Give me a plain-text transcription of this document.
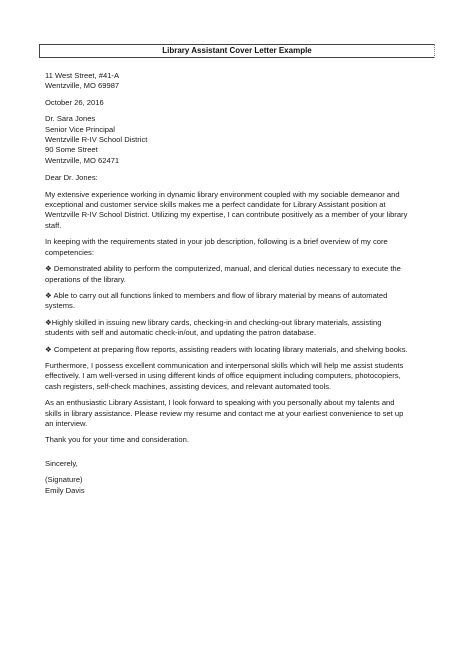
Library Assistant Cover Letter Example
11 West Street, #41-A
Wentzville, MO 69987
October 26, 2016
Dr. Sara Jones
Senior Vice Principal
Wentzville R-IV School District
90 Some Street
Wentzville, MO 62471
Dear Dr. Jones:
My extensive experience working in dynamic library environment coupled with my sociable demeanor and
exceptional and customer service skills makes me a perfect candidate for Library Assistant position at
Wentzville R-IV School District. Utilizing my expertise, I can contribute positively as a member of your library
staff.
In keeping with the requirements stated in your job description, following is a brief overview of my core
competencies:
❖ Demonstrated ability to perform the computerized, manual, and clerical duties necessary to execute the
operations of the library.
❖ Able to carry out all functions linked to members and flow of library material by means of automated
systems.
❖Highly skilled in issuing new library cards, checking-in and checking-out library materials, assisting
students with self and automatic check-in/out, and updating the patron database.
❖ Competent at preparing flow reports, assisting readers with locating library materials, and shelving books.
Furthermore, I possess excellent communication and interpersonal skills which will help me assist students
effectively. I am well-versed in using different kinds of office equipment including computers, photocopiers,
cash registers, self-check machines, assisting devices, and relevant automated tools.
As an enthusiastic Library Assistant, I look forward to speaking with you personally about my talents and
skills in library assistance. Please review my resume and contact me at your earliest convenience to set up
an interview.
Thank you for your time and consideration.
Sincerely,
(Signature)
Emily Davis
